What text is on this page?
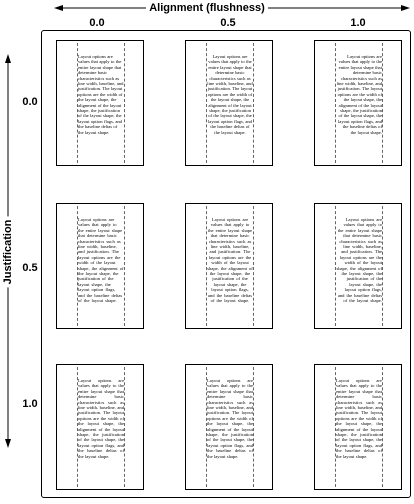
Alignment (flushness)
0.0	0.5	1.0
Justification
0.0
0.5
1.0
Layout options are values that apply to the entire layout shape that determine basic characteristics such as line width, baseline, and justification. The layout options are the width of the layout shape, the alignment of the layout shape, the justification of the layout shape, the layout option flags, and the baseline deltas of the layout shape.
Layout options are values that apply to the entire layout shape that determine basic characteristics such as line width, baseline, and justification. The layout options are the width of the layout shape, the alignment of the layout shape, the justification of the layout shape, the layout option flags, and the baseline deltas of the layout shape.
Layout options are values that apply to the entire layout shape that determine basic characteristics such as line width, baseline, and justification. The layout options are the width of the layout shape, the alignment of the layout shape, the justification of the layout shape, the layout option flags, and the baseline deltas of the layout shape.
Layout options are values that apply to the entire layout shape that determine basic characteristics such as line width, baseline, and justification. The layout options are the width of the layout shape, the alignment of the layout shape, the justification of the layout shape, the layout option flags, and the baseline deltas of the layout shape.
Layout options are values that apply to the entire layout shape that determine basic characteristics such as line width, baseline, and justification. The layout options are the width of the layout shape, the alignment of the layout shape, the justification of the layout shape, the layout option flags, and the baseline deltas of the layout shape.
Layout options are values that apply to the entire layout shape that determine basic characteristics such as line width, baseline, and justification. The layout options are the width of the layout shape, the alignment of the layout shape, the justification of the layout shape, the layout option flags, and the baseline deltas of the layout shape.
Layout options are values that apply to the entire layout shape that determine basic characteristics such as line width, baseline, and justification. The layout options are the width of the layout shape, the alignment of the layout shape, the justification of the layout shape, the layout option flags, and the baseline deltas of the layout shape.
Layout options are values that apply to the entire layout shape that determine basic characteristics such as line width, baseline, and justification. The layout options are the width of the layout shape, the alignment of the layout shape, the justification of the layout shape, the layout option flags, and the baseline deltas of the layout shape.
Layout options are values that apply to the entire layout shape that determine basic characteristics such as line width, baseline, and justification. The layout options are the width of the layout shape, the alignment of the layout shape, the justification of the layout shape, the layout option flags, and the baseline deltas of the layout shape.
